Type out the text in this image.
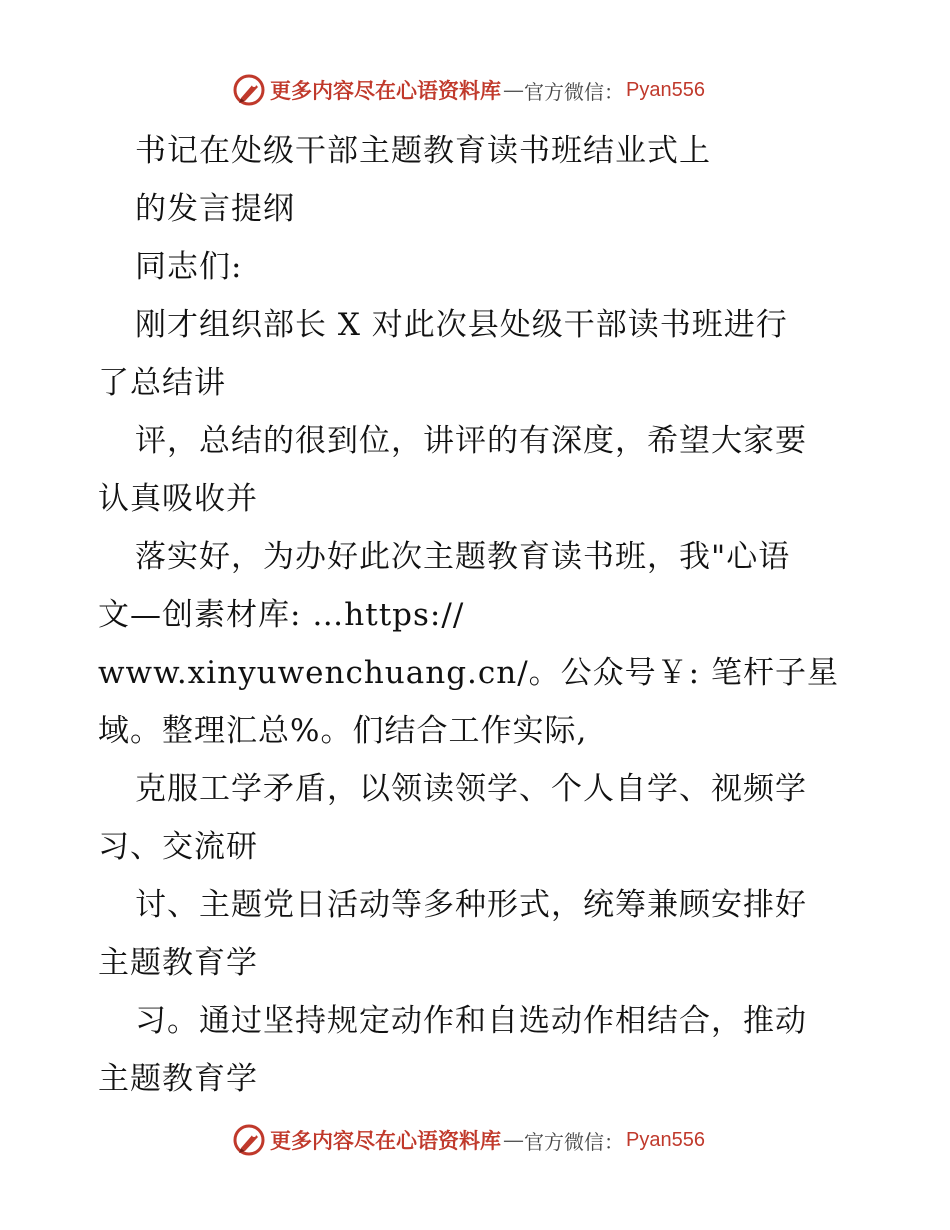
更多内容尽在心语资料库 — 官方微信： Pyan556
书记在处级干部主题教育读书班结业式上
的发言提纲
同志们:
刚才组织部长 X 对此次县处级干部读书班进行
了总结讲
评，总结的很到位，讲评的有深度，希望大家要
认真吸收并
落实好，为办好此次主题教育读书班，我"心语
文—创素材库: …https://
www.xinyuwenchuang.cn/。公众号￥: 笔杆子星
域。整理汇总%。们结合工作实际,
克服工学矛盾，以领读领学、个人自学、视频学
习、交流研
讨、主题党日活动等多种形式，统筹兼顾安排好
主题教育学
习。通过坚持规定动作和自选动作相结合，推动
主题教育学
更多内容尽在心语资料库 — 官方微信： Pyan556
